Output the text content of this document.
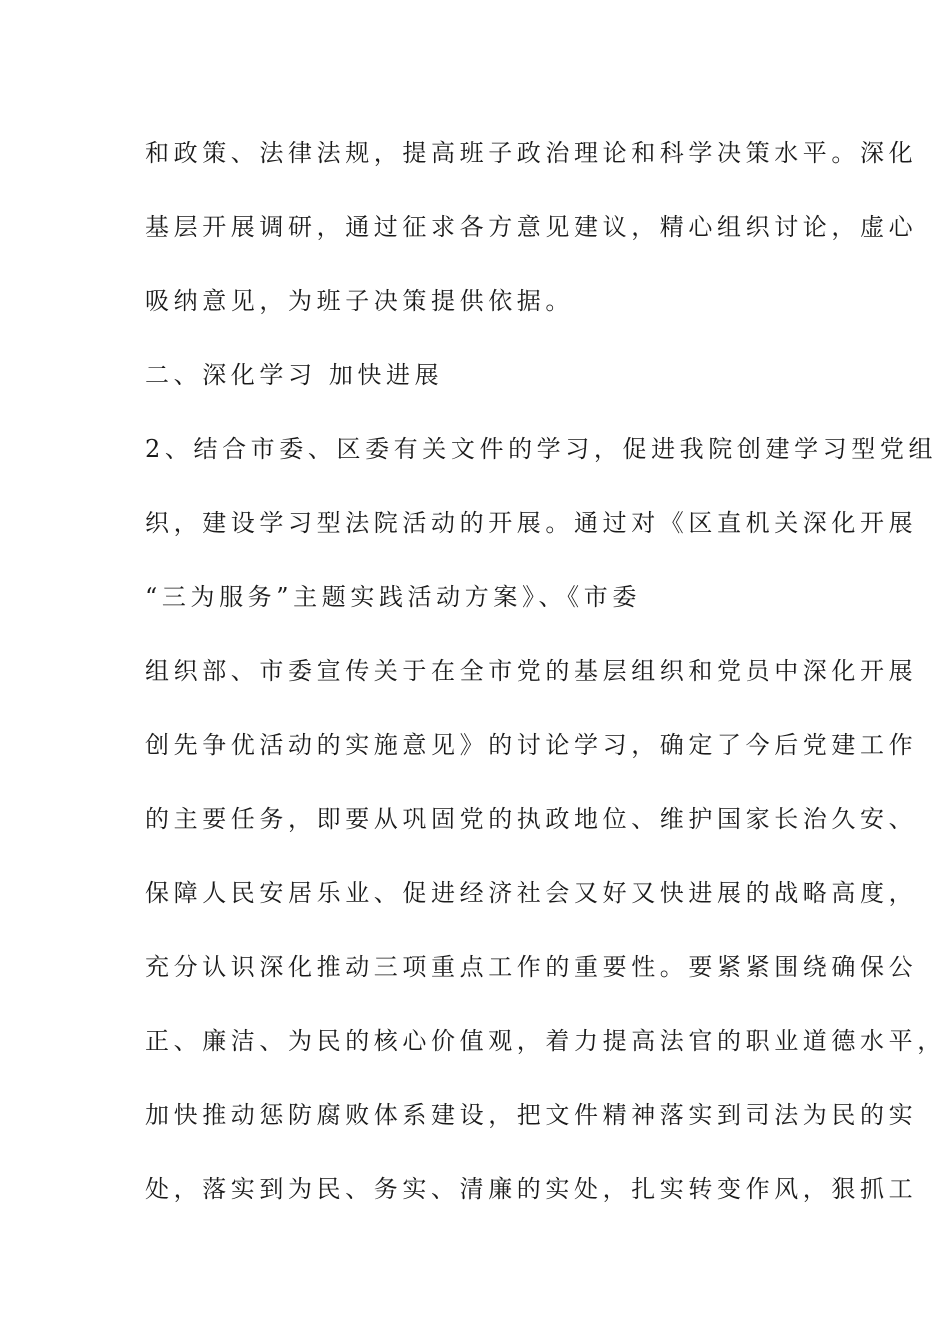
和政策、法律法规，提高班子政治理论和科学决策水平。深化
基层开展调研，通过征求各方意见建议，精心组织讨论，虚心
吸纳意见，为班子决策提供依据。
二、深化学习 加快进展
2、结合市委、区委有关文件的学习，促进我院创建学习型党组
织，建设学习型法院活动的开展。通过对《区直机关深化开展
“三为服务”主题实践活动方案》、《市委
组织部、市委宣传关于在全市党的基层组织和党员中深化开展
创先争优活动的实施意见》的讨论学习，确定了今后党建工作
的主要任务，即要从巩固党的执政地位、维护国家长治久安、
保障人民安居乐业、促进经济社会又好又快进展的战略高度，
充分认识深化推动三项重点工作的重要性。要紧紧围绕确保公
正、廉洁、为民的核心价值观，着力提高法官的职业道德水平，
加快推动惩防腐败体系建设，把文件精神落实到司法为民的实
处，落实到为民、务实、清廉的实处，扎实转变作风，狠抓工
